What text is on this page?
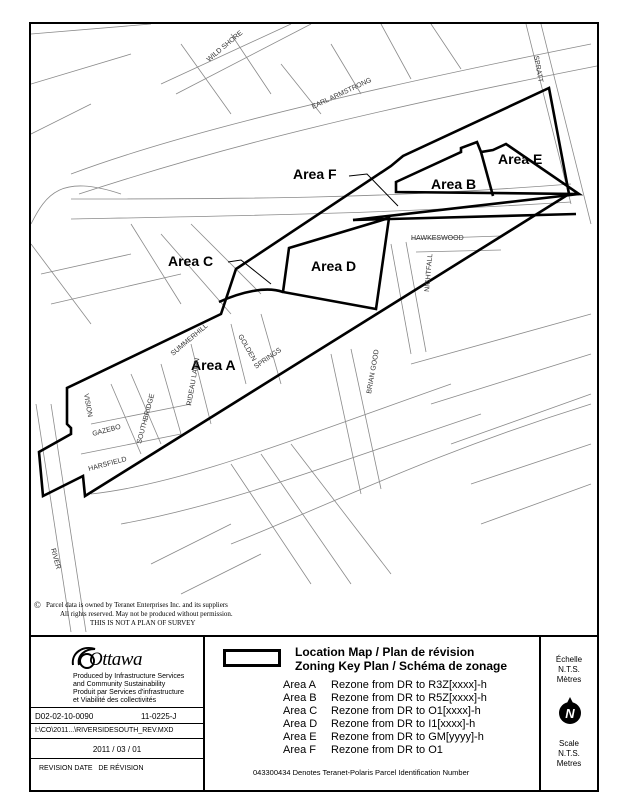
Area F
Area B
Area E
Area C	Area D
Area A
WILD SHORE
EARL ARMSTRONG
SPRATT
HAWKESWOOD
NIGHTFALL
SUMMERHILL	GOLDEN
SPRINGS
RIDEAU LAWN
SOUTHBRIDGE
VISION
GAZEBO
HARSFIELD
BRIAN GOOD
RIVER
© Parcel data is owned by Teranet Enterprises Inc. and its suppliers
All rights reserved. May not be produced without permission.
THIS IS NOT A PLAN OF SURVEY
Ottawa
Produced by Infrastructure Services
and Community Sustainability
Produit par Services d'infrastructure
et Viabilité des collectivités
D02-02-10-0090	11-0225-J
I:\CO\2011...\RIVERSIDESOUTH_REV.MXD
2011 / 03 / 01
REVISION DATE   DE RÉVISION
Location Map / Plan de révision
Zoning Key Plan / Schéma de zonage
Area A Rezone from DR to R3Z[xxxx]-h
Area B Rezone from DR to R5Z[xxxx]-h
Area C Rezone from DR to O1[xxxx]-h
Area D Rezone from DR to I1[xxxx]-h
Area E Rezone from DR to GM[yyyy]-h
Area F Rezone from DR to O1
043300434 Denotes Teranet-Polaris Parcel Identification Number
Échelle
N.T.S.
Mètres
N
Scale
N.T.S.
Metres
